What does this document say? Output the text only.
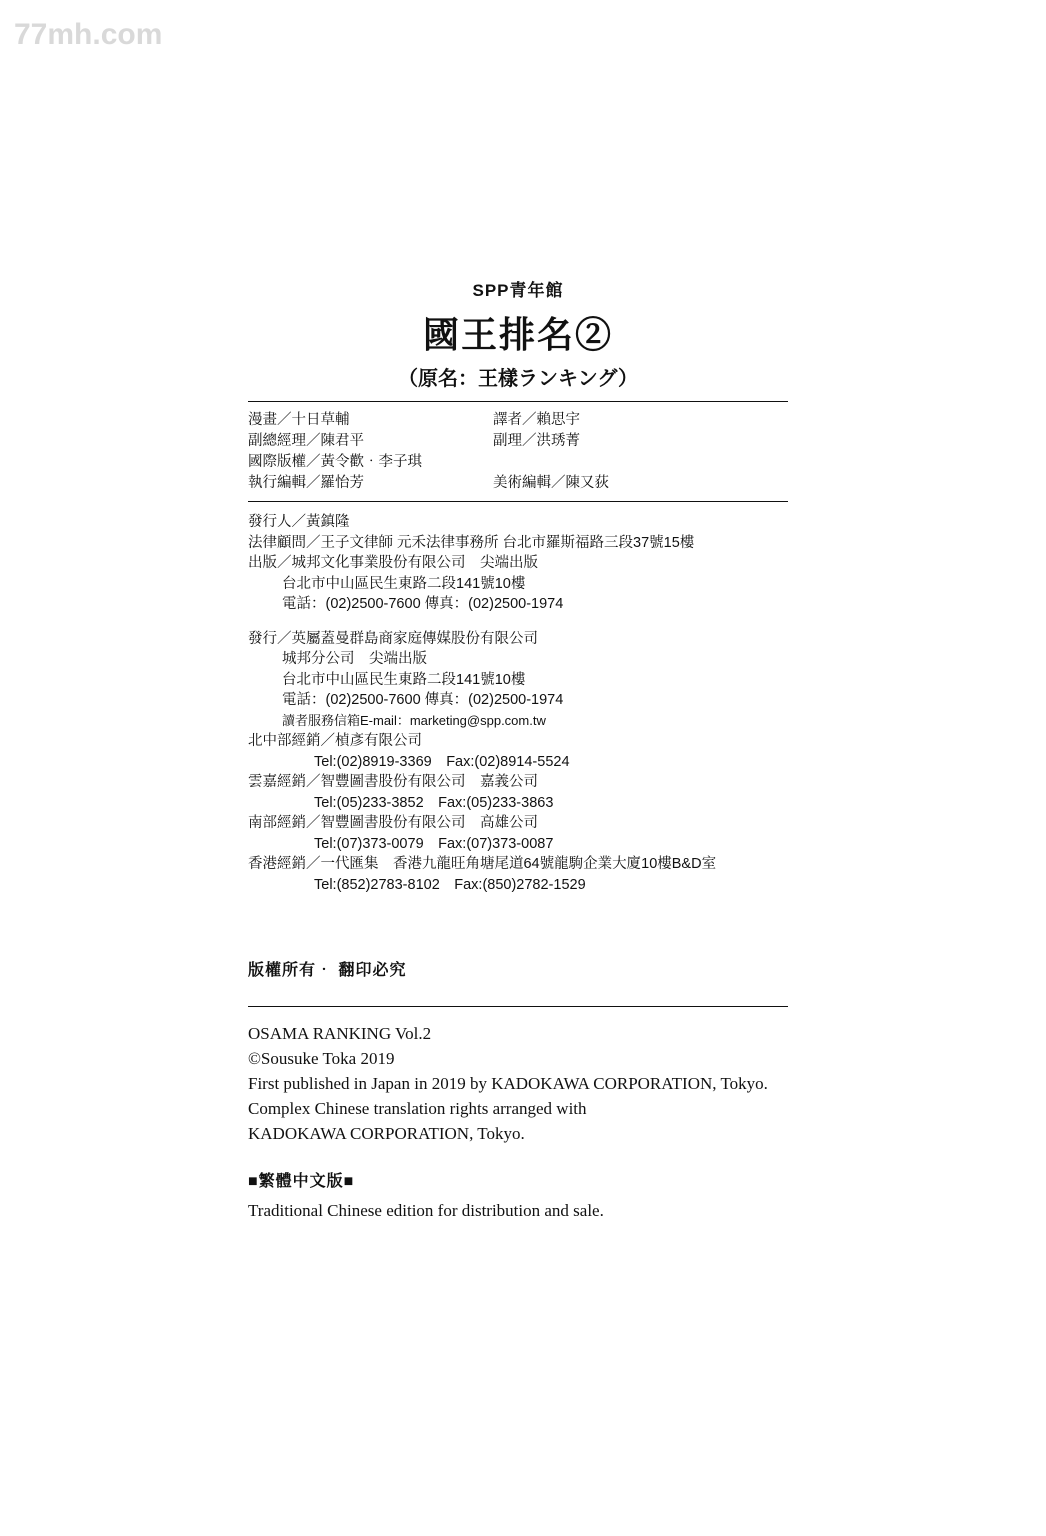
77mh.com
SPP青年館
國王排名②
（原名：王樣ランキング）
漫畫／十日草輔	譯者／賴思宇
副總經理／陳君平	副理／洪琇菁
國際版權／黃令歡‧李子琪
執行編輯／羅怡芳	美術編輯／陳又荻
發行人／黃鎮隆
法律顧問／王子文律師 元禾法律事務所 台北市羅斯福路三段37號15樓
出版／城邦文化事業股份有限公司　尖端出版
台北市中山區民生東路二段141號10樓
電話：(02)2500-7600 傳真：(02)2500-1974
發行／英屬蓋曼群島商家庭傳媒股份有限公司
城邦分公司　尖端出版
台北市中山區民生東路二段141號10樓
電話：(02)2500-7600 傳真：(02)2500-1974
讀者服務信箱E-mail：marketing@spp.com.tw
北中部經銷／楨彥有限公司
Tel:(02)8919-3369　Fax:(02)8914-5524
雲嘉經銷／智豐圖書股份有限公司　嘉義公司
Tel:(05)233-3852　Fax:(05)233-3863
南部經銷／智豐圖書股份有限公司　高雄公司
Tel:(07)373-0079　Fax:(07)373-0087
香港經銷／一代匯集　香港九龍旺角塘尾道64號龍駒企業大廈10樓B&D室
Tel:(852)2783-8102　Fax:(850)2782-1529
版權所有‧ 翻印必究
OSAMA RANKING Vol.2
©Sousuke Toka 2019
First published in Japan in 2019 by KADOKAWA CORPORATION, Tokyo.
Complex Chinese translation rights arranged with
KADOKAWA CORPORATION, Tokyo.
■繁體中文版■
Traditional Chinese edition for distribution and sale.
